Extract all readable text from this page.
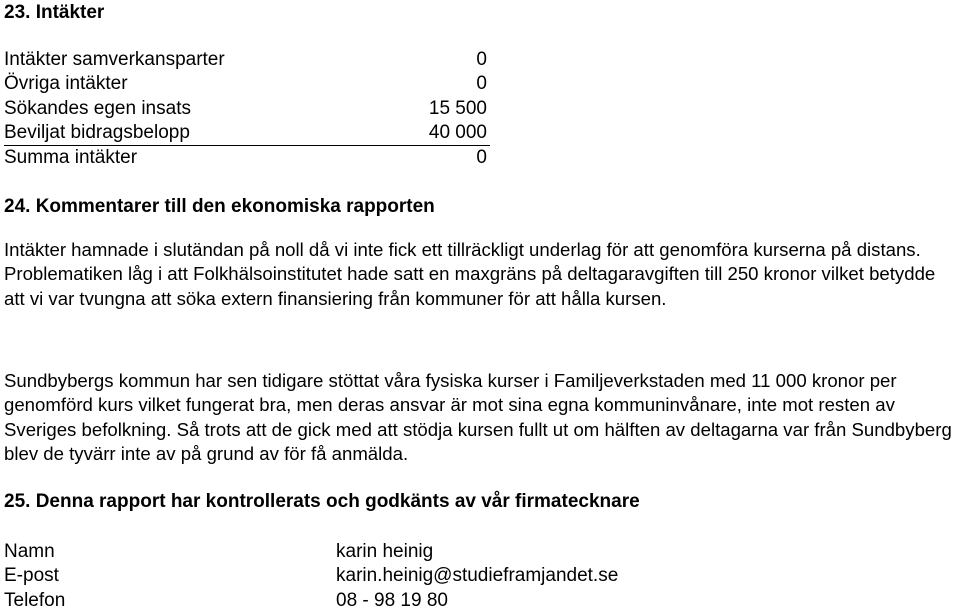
23. Intäkter
Intäkter samverkansparter	0
Övriga intäkter	0
Sökandes egen insats	15 500
Beviljat bidragsbelopp	40 000
Summa intäkter	0
24. Kommentarer till den ekonomiska rapporten

Intäkter hamnade i slutändan på noll då vi inte fick ett tillräckligt underlag för att genomföra kurserna på distans. Problematiken låg i att Folkhälsoinstitutet hade satt en maxgräns på deltagaravgiften till 250 kronor vilket betydde att vi var tvungna att söka extern finansiering från kommuner för att hålla kursen.

Sundbybergs kommun har sen tidigare stöttat våra fysiska kurser i Familjeverkstaden med 11 000 kronor per genomförd kurs vilket fungerat bra, men deras ansvar är mot sina egna kommuninvånare, inte mot resten av Sveriges befolkning. Så trots att de gick med att stödja kursen fullt ut om hälften av deltagarna var från Sundbyberg blev de tyvärr inte av på grund av för få anmälda.

25. Denna rapport har kontrollerats och godkänts av vår firmatecknare
Namn	karin heinig
E-post	karin.heinig@studieframjandet.se
Telefon	08 - 98 19 80
